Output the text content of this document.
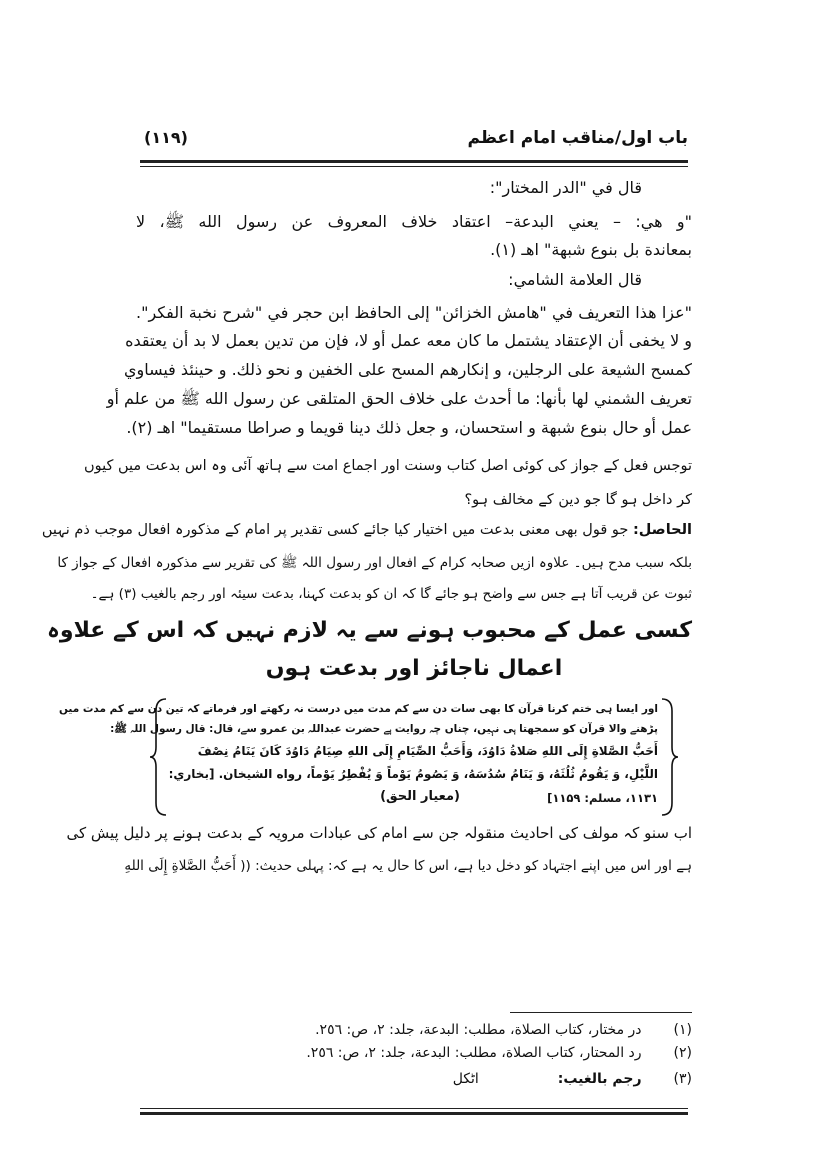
باب اول/مناقب امام اعظم
(۱۱۹)
قال في "الدر المختار":
"و هي: – يعني البدعة– اعتقاد خلاف المعروف عن رسول الله ﷺ، لا
بمعاندة بل بنوع شبهة" اهـ (۱).
قال العلامة الشامي:
"عزا هذا التعريف في "هامش الخزائن" إلى الحافظ ابن حجر في "شرح نخبة الفكر".
و لا يخفى أن الإعتقاد يشتمل ما كان معه عمل أو لا، فإن من تدين بعمل لا بد أن يعتقده
كمسح الشيعة على الرجلين، و إنكارهم المسح على الخفين و نحو ذلك. و حينئذ فيساوي
تعريف الشمني لها بأنها: ما أحدث على خلاف الحق المتلقى عن رسول الله ﷺ من علم أو
عمل أو حال بنوع شبهة و استحسان، و جعل ذلك دينا قويما و صراطا مستقيما" اهـ (۲).
توجس فعل کے جواز کی کوئی اصل کتاب وسنت اور اجماع امت سے ہاتھ آئی وہ اس بدعت میں کیوں
کر داخل ہو گا جو دین کے مخالف ہو؟
الحاصل: جو قول بھی معنی بدعت میں اختیار کیا جائے کسی تقدیر پر امام کے مذکورہ افعال موجب ذم نہیں
بلکہ سبب مدح ہیں۔ علاوہ ازیں صحابہ کرام کے افعال اور رسول اللہ ﷺ کی تقریر سے مذکورہ افعال کے جواز کا
ثبوت عن قریب آتا ہے جس سے واضح ہو جائے گا کہ ان کو بدعت کہنا، بدعت سیئہ اور رجم بالغیب (۳) ہے۔
کسی عمل کے محبوب ہونے سے یہ لازم نہیں کہ اس کے علاوہ
اعمال ناجائز اور بدعت ہوں
اور ایسا ہی ختم کرنا قرآن کا بھی سات دن سے کم مدت میں درست نہ رکھتے اور فرماتے کہ تین دن سے کم مدت میں
پڑھنے والا قرآن کو سمجھتا ہی نہیں، چناں چہ روایت ہے حضرت عبداللہ بن عمرو سے، قال: قال رسول اللہ ﷺ:
أَحَبُّ الصَّلاةِ إِلَى اللهِ صَلاةُ دَاوُدَ، وَأَحَبُّ الصِّيَامِ إِلَى اللهِ صِيَامُ دَاوُدَ كَانَ يَنَامُ نِصْفَ
اللَّيْلِ، وَ يَقُومُ ثُلُثَهُ، وَ يَنَامُ سُدُسَهُ، وَ يَصُومُ يَوْماً وَ يُفْطِرُ يَوْماً، رواه الشيخان. [بخاري:
۱۱۳۱، مسلم: ۱۱۵۹]
(معیار الحق)
اب سنو کہ مولف کی احادیث منقولہ جن سے امام کی عبادات مرویہ کے بدعت ہونے پر دلیل پیش کی
ہے اور اس میں اپنے اجتہاد کو دخل دیا ہے، اس کا حال یہ ہے کہ: پہلی حدیث: (( أَحَبُّ الصَّلاةِ إِلَى اللهِ
(۱) در مختار، كتاب الصلاة، مطلب: البدعة، جلد: ۲، ص: ۲٥٦.
(۲) رد المحتار، كتاب الصلاة، مطلب: البدعة، جلد: ۲، ص: ۲٥٦.
(۳) رجم بالغیب:  اٹکل
